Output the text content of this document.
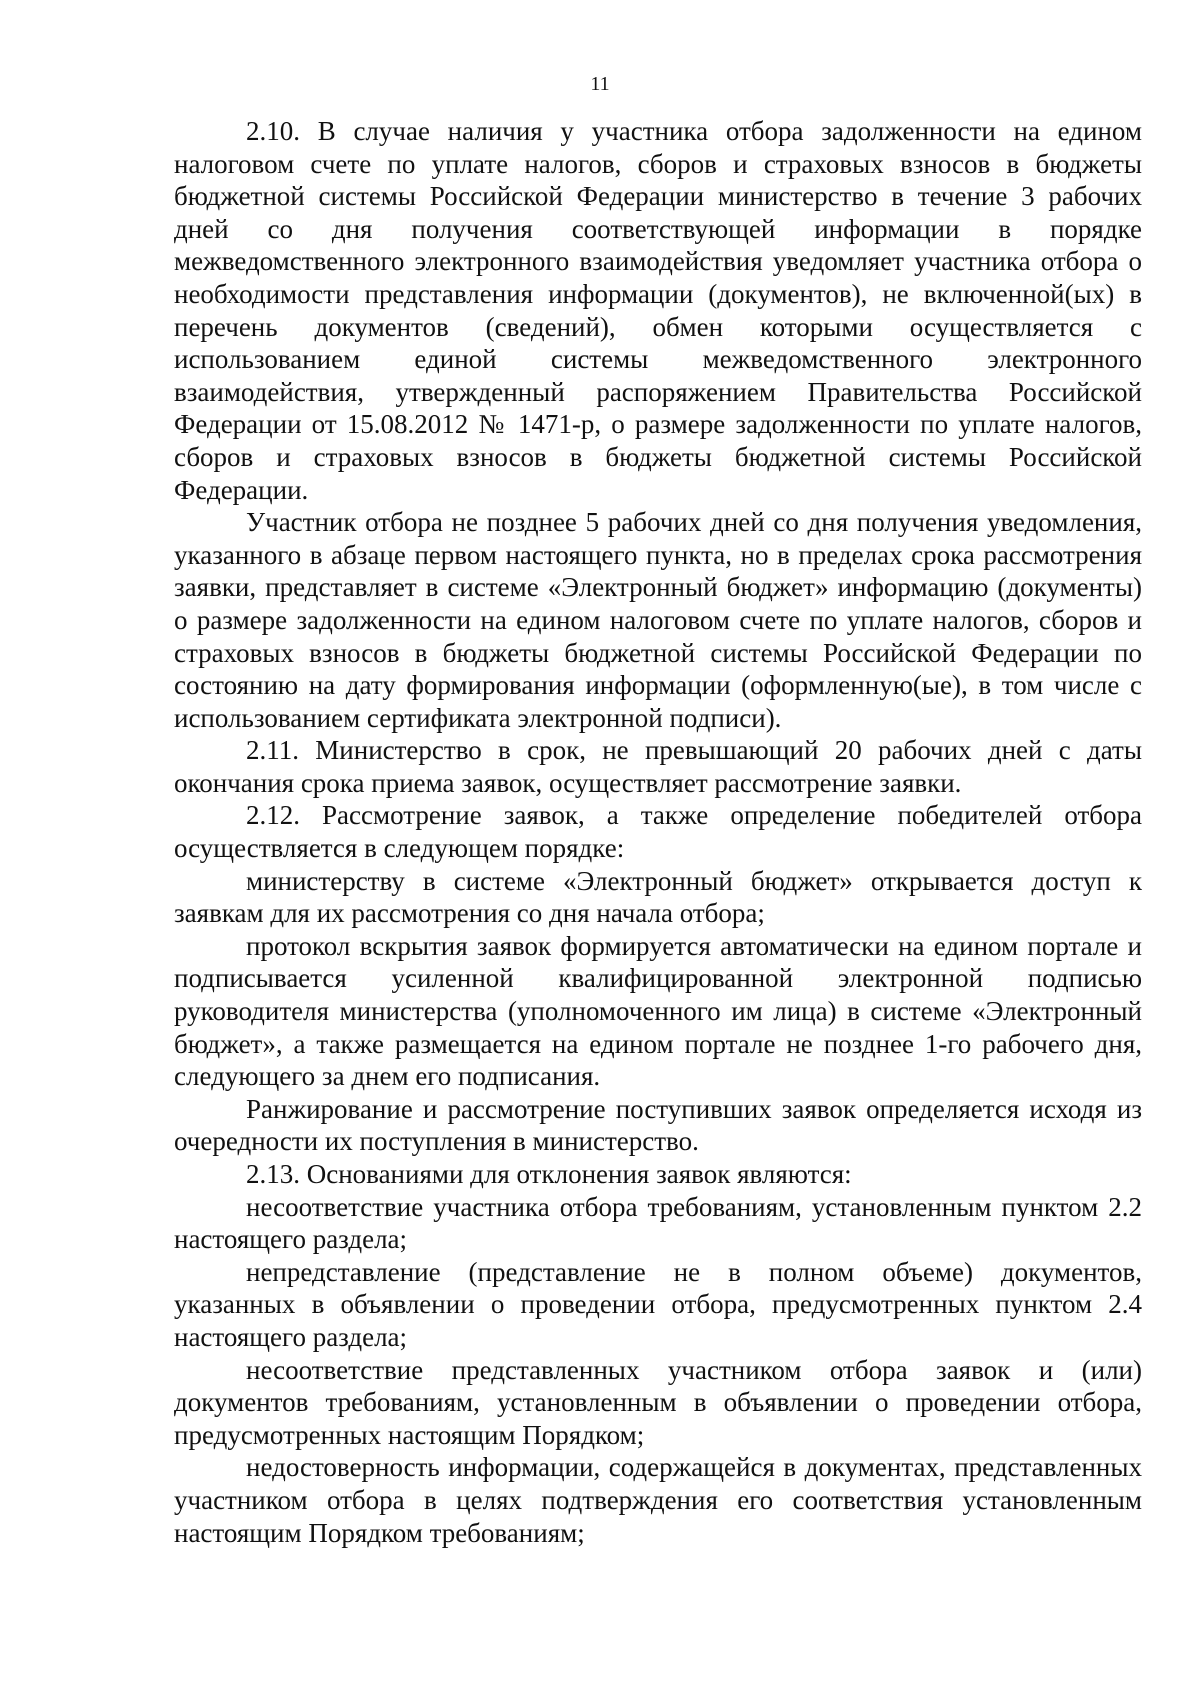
11

2.10. В случае наличия у участника отбора задолженности на едином налоговом счете по уплате налогов, сборов и страховых взносов в бюджеты бюджетной системы Российской Федерации министерство в течение 3 рабочих дней со дня получения соответствующей информации в порядке межведомственного электронного взаимодействия уведомляет участника отбора о необходимости представления информации (документов), не включенной(ых) в перечень документов (сведений), обмен которыми осуществляется с использованием единой системы межведомственного электронного взаимодействия, утвержденный распоряжением Правительства Российской Федерации от 15.08.2012 № 1471-р, о размере задолженности по уплате налогов, сборов и страховых взносов в бюджеты бюджетной системы Российской Федерации.

Участник отбора не позднее 5 рабочих дней со дня получения уведомления, указанного в абзаце первом настоящего пункта, но в пределах срока рассмотрения заявки, представляет в системе «Электронный бюджет» информацию (документы) о размере задолженности на едином налоговом счете по уплате налогов, сборов и страховых взносов в бюджеты бюджетной системы Российской Федерации по состоянию на дату формирования информации (оформленную(ые), в том числе с использованием сертификата электронной подписи).

2.11. Министерство в срок, не превышающий 20 рабочих дней с даты окончания срока приема заявок, осуществляет рассмотрение заявки.

2.12. Рассмотрение заявок, а также определение победителей отбора осуществляется в следующем порядке:

министерству в системе «Электронный бюджет» открывается доступ к заявкам для их рассмотрения со дня начала отбора;

протокол вскрытия заявок формируется автоматически на едином портале и подписывается усиленной квалифицированной электронной подписью руководителя министерства (уполномоченного им лица) в системе «Электронный бюджет», а также размещается на едином портале не позднее 1-го рабочего дня, следующего за днем его подписания.

Ранжирование и рассмотрение поступивших заявок определяется исходя из очередности их поступления в министерство.

2.13. Основаниями для отклонения заявок являются:

несоответствие участника отбора требованиям, установленным пунктом 2.2 настоящего раздела;

непредставление (представление не в полном объеме) документов, указанных в объявлении о проведении отбора, предусмотренных пунктом 2.4 настоящего раздела;

несоответствие представленных участником отбора заявок и (или) документов требованиям, установленным в объявлении о проведении отбора, предусмотренных настоящим Порядком;

недостоверность информации, содержащейся в документах, представленных участником отбора в целях подтверждения его соответствия установленным настоящим Порядком требованиям;
